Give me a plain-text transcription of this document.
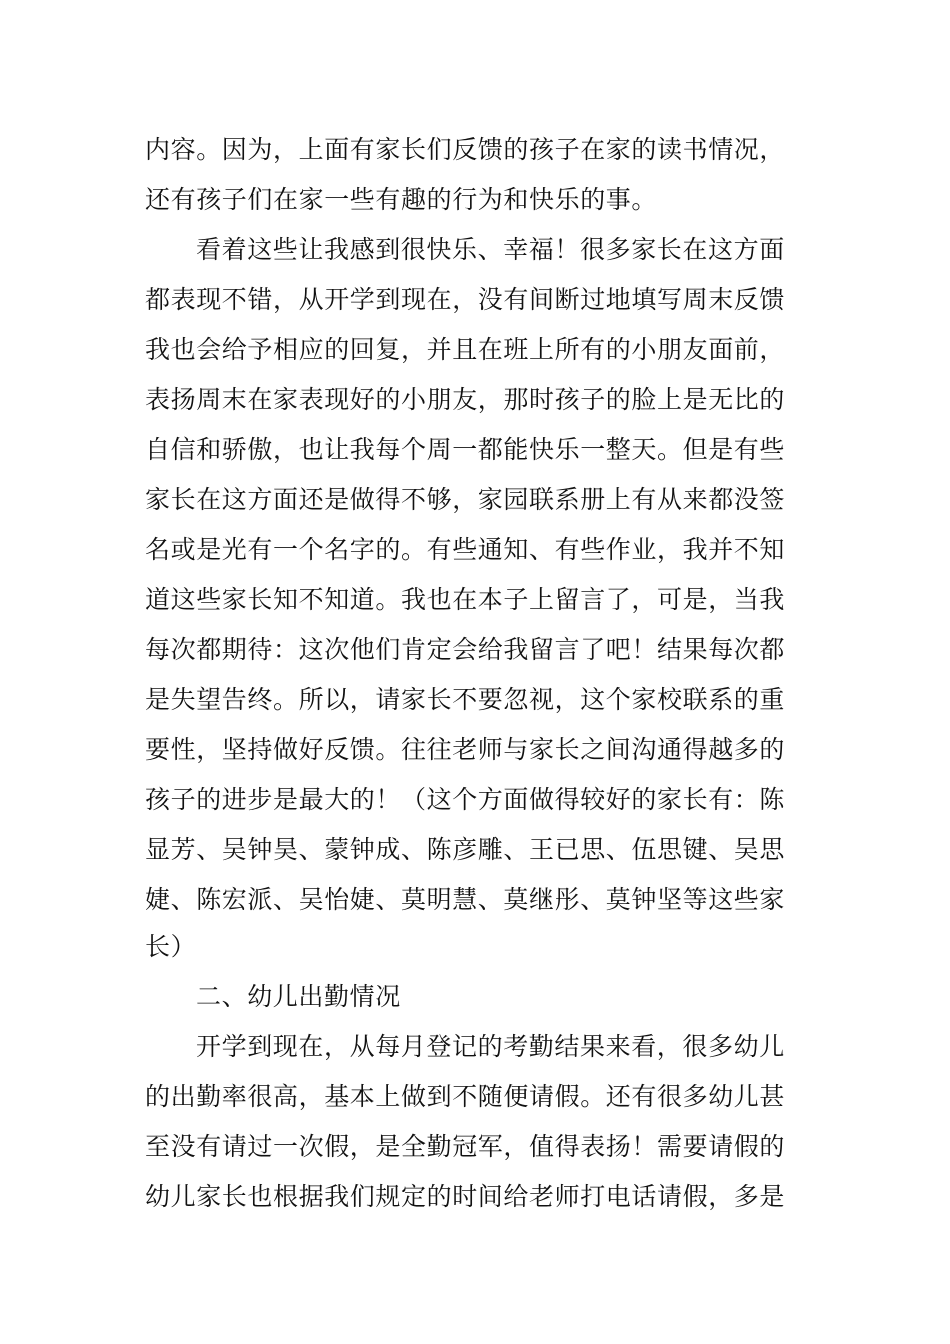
内容。因为，上面有家长们反馈的孩子在家的读书情况，
还有孩子们在家一些有趣的行为和快乐的事。
看着这些让我感到很快乐、幸福！很多家长在这方面
都表现不错，从开学到现在，没有间断过地填写周末反馈
我也会给予相应的回复，并且在班上所有的小朋友面前，
表扬周末在家表现好的小朋友，那时孩子的脸上是无比的
自信和骄傲，也让我每个周一都能快乐一整天。但是有些
家长在这方面还是做得不够，家园联系册上有从来都没签
名或是光有一个名字的。有些通知、有些作业，我并不知
道这些家长知不知道。我也在本子上留言了，可是，当我
每次都期待：这次他们肯定会给我留言了吧！结果每次都
是失望告终。所以，请家长不要忽视，这个家校联系的重
要性，坚持做好反馈。往往老师与家长之间沟通得越多的
孩子的进步是最大的！（这个方面做得较好的家长有：陈
显芳、吴钟昊、蒙钟成、陈彦雕、王已思、伍思键、吴思
婕、陈宏派、吴怡婕、莫明慧、莫继彤、莫钟坚等这些家
长）
二、幼儿出勤情况
开学到现在，从每月登记的考勤结果来看，很多幼儿
的出勤率很高，基本上做到不随便请假。还有很多幼儿甚
至没有请过一次假，是全勤冠军，值得表扬！需要请假的
幼儿家长也根据我们规定的时间给老师打电话请假，多是
